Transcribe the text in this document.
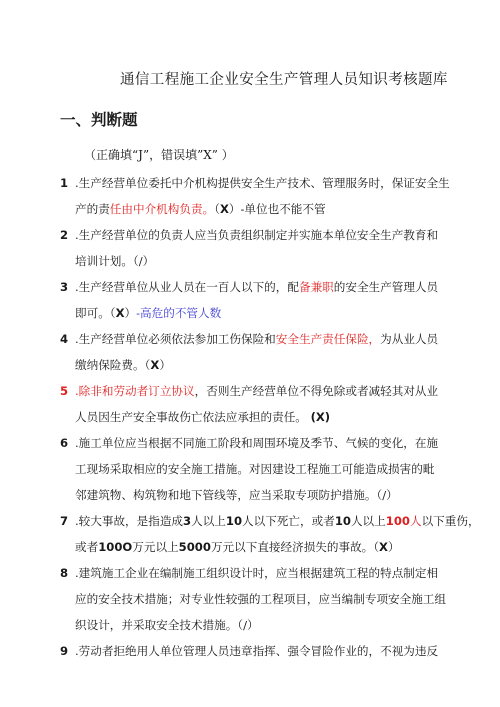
通信工程施工企业安全生产管理人员知识考核题库
一、判断题
（正确填“J”，错误填”X” ）
1 .生产经营单位委托中介机构提供安全生产技术、管理服务时，保证安全生
产的责任由中介机构负责。（X）-单位也不能不管
2 .生产经营单位的负责人应当负责组织制定并实施本单位安全生产教育和
培训计划。（/）
3 .生产经营单位从业人员在一百人以下的，配备兼职的安全生产管理人员
即可。（X）-高危的不管人数
4 .生产经营单位必须依法参加工伤保险和安全生产责任保险，为从业人员
缴纳保险费。（X）
5 .除非和劳动者订立协议，否则生产经营单位不得免除或者减轻其对从业
人员因生产安全事故伤亡依法应承担的责任。 (X)
6 .施工单位应当根据不同施工阶段和周围环境及季节、气候的变化，在施
工现场采取相应的安全施工措施。对因建设工程施工可能造成损害的毗
邻建筑物、构筑物和地下管线等，应当采取专项防护措施。（/）
7 .较大事故，是指造成3人以上10人以下死亡，或者10人以上100人以下重伤，
或者100O万元以上5000万元以下直接经济损失的事故。（X）
8 .建筑施工企业在编制施工组织设计时，应当根据建筑工程的特点制定相
应的安全技术措施；对专业性较强的工程项目，应当编制专项安全施工组
织设计，并采取安全技术措施。（/）
9 .劳动者拒绝用人单位管理人员违章指挥、强令冒险作业的，不视为违反
